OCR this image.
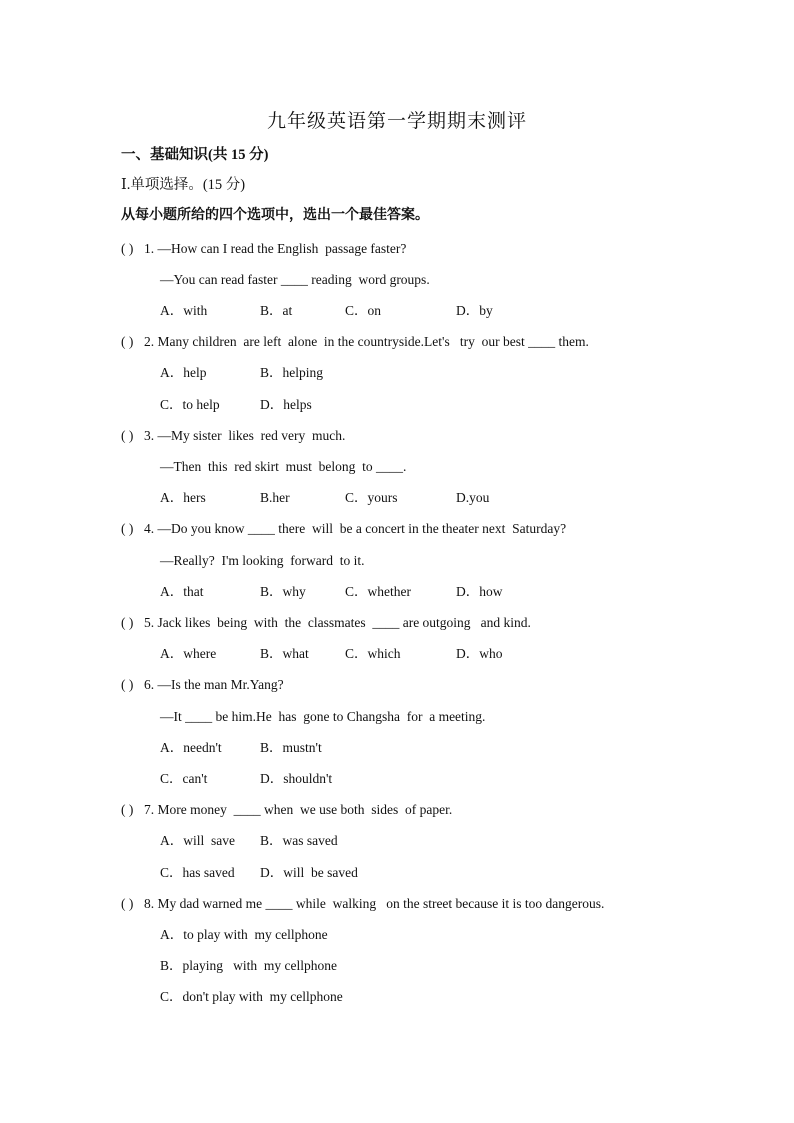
九年级英语第一学期期末测评
一、基础知识(共 15 分)
Ⅰ.单项选择。(15 分)
从每小题所给的四个选项中，选出一个最佳答案。
( ) 1. —How can I read the English  passage faster?
—You can read faster ____ reading  word groups.
A．with	B．at	C．on	D．by
( ) 2. Many children  are left  alone  in the countryside.Let's   try  our best ____ them.
A．help	B．helping
C．to help	D．helps
( ) 3. —My sister  likes  red very  much.
—Then  this  red skirt  must  belong  to ____.
A．hers	B.her	C．yours	D.you
( ) 4. —Do you know ____ there  will  be a concert in the theater next  Saturday?
—Really?  I'm looking  forward  to it.
A．that	B．why	C．whether	D．how
( ) 5. Jack likes  being  with  the  classmates  ____ are outgoing   and kind.
A．where	B．what	C．which	D．who
( ) 6. —Is the man Mr.Yang?
—It ____ be him.He  has  gone to Changsha  for  a meeting.
A．needn't	B．mustn't
C．can't	D．shouldn't
( ) 7. More money  ____ when  we use both  sides  of paper.
A．will  save B．was saved
C．has saved D．will  be saved
( ) 8. My dad warned me ____ while  walking   on the street because it is too dangerous.
A．to play with  my cellphone
B．playing   with  my cellphone
C．don't play with  my cellphone
